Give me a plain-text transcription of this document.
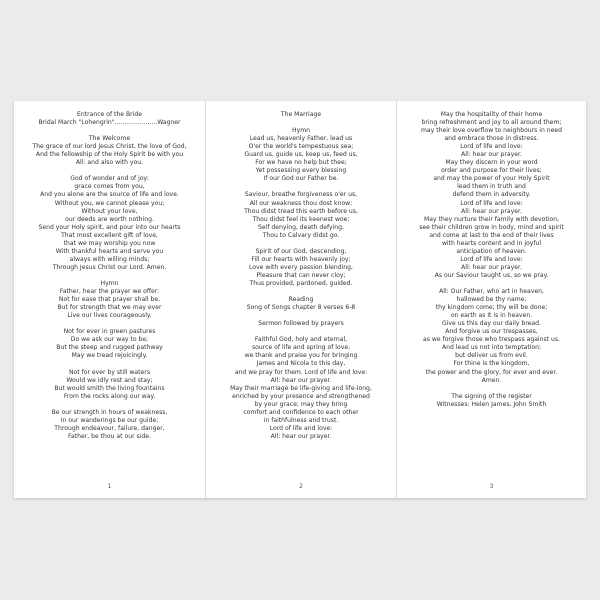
Entrance of the Bride
Bridal March "Lohengrin"......................Wagner
The Welcome
The grace of our lord Jesus Christ, the love of God,
And the fellowship of the Holy Spirit be with you
All: and also with you.
God of wonder and of joy:
grace comes from you,
And you alone are the source of life and love.
Without you, we cannot please you;
Without your love,
our deeds are worth nothing.
Send your Holy spirit, and pour into our hearts
That most excellent gift of love,
that we may worship you now
With thankful hearts and serve you
always with willing minds;
Through Jesus Christ our Lord. Amen.
Hymn
Father, hear the prayer we offer:
Not for ease that prayer shall be,
But for strength that we may ever
Live our lives courageously.
Not for ever in green pastures
Do we ask our way to be;
But the steep and rugged pathway
May we tread rejoicingly.
Not for ever by still waters
Would we idly rest and stay;
But would smith the living fountains
From the rocks along our way.
Be our strength in hours of weakness,
In our wanderings be our guide;
Through endeavour, failure, danger,
Father, be thou at our side.
1
The Marriage
Hymn
Lead us, heavenly Father, lead us
O'er the world's tempestuous sea;
Guard us, guide us, keep us, feed us,
For we have no help but thee;
Yet possessing every blessing
If our God our Father be.
Saviour, breathe forgiveness o'er us,
All our weakness thou dost know;
Thou didst tread this earth before us,
Thou didst feel its keenest woe;
Self denying, death defying,
Thou to Calvary didst go.
Spirit of our God, descending,
Fill our hearts with heavenly joy;
Love with every passion blending,
Pleasure that can never cloy;
Thus provided, pardoned, guided.
Reading
Song of Songs chapter 8 verses 6-8
Sermon followed by prayers
Faithful God, holy and eternal,
source of life and spring of love,
we thank and praise you for bringing
James and Nicola to this day,
and we pray for them. Lord of life and love:
All: hear our prayer.
May their marriage be life-giving and life-long,
enriched by your presence and strengthened
by your grace; may they bring
comfort and confidence to each other
in faithfulness and trust.
Lord of life and love:
All: hear our prayer.
2
May the hospitality of their home
bring refreshment and joy to all around them;
may their love overflow to neighbours in need
and embrace those in distress.
Lord of life and love:
All: hear our prayer.
May they discern in your word
order and purpose for their lives;
and may the power of your Holy Spirit
lead them in truth and
defend them in adversity.
Lord of life and love:
All: hear our prayer.
May they nurture their family with devotion,
see their children grow in body, mind and spirit
and come at last to the end of their lives
with hearts content and in joyful
anticipation of heaven.
Lord of life and love:
All: hear our prayer.
As our Saviour taught us, so we pray.
All: Our Father, who art in heaven,
hallowed be thy name;
thy kingdom come; thy will be done;
on earth as it is in heaven.
Give us this day our daily bread.
And forgive us our trespasses,
as we forgive those who trespass against us.
And lead us not into temptation;
but deliver us from evil.
For thine is the kingdom,
the power and the glory, for ever and ever.
Amen.
The signing of the register
Witnesses: Helen James, John Smith
3
